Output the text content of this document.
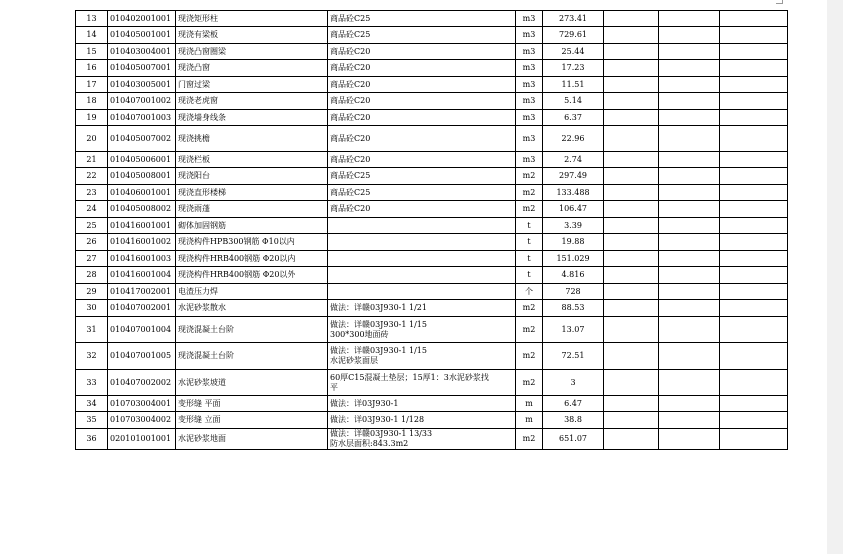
13	010402001001	现浇矩形柱	商品砼C25	m3	273.41			
14	010405001001	现浇有梁板	商品砼C25	m3	729.61			
15	010403004001	现浇凸窗圈梁	商品砼C20	m3	25.44			
16	010405007001	现浇凸窗	商品砼C20	m3	17.23			
17	010403005001	门窗过梁	商品砼C20	m3	11.51			
18	010407001002	现浇老虎窗	商品砼C20	m3	5.14			
19	010407001003	现浇墙身线条	商品砼C20	m3	6.37			
20	010405007002	现浇挑檐	商品砼C20	m3	22.96			
21	010405006001	现浇栏板	商品砼C20	m3	2.74			
22	010405008001	现浇阳台	商品砼C25	m2	297.49			
23	010406001001	现浇直形楼梯	商品砼C25	m2	133.488			
24	010405008002	现浇雨蓬	商品砼C20	m2	106.47			
25	010416001001	砌体加固钢筋		t	3.39			
26	010416001002	现浇构件HPB300钢筋 Φ10以内		t	19.88			
27	010416001003	现浇构件HRB400钢筋 Φ20以内		t	151.029			
28	010416001004	现浇构件HRB400钢筋 Φ20以外		t	4.816			
29	010417002001	电渣压力焊		个	728			
30	010407002001	水泥砂浆散水	做法：详赣03J930-1 1/21	m2	88.53			
31	010407001004	现浇混凝土台阶	做法：详赣03J930-1 1/15
300*300地面砖	m2	13.07			
32	010407001005	现浇混凝土台阶	做法：详赣03J930-1 1/15
水泥砂浆面层	m2	72.51			
33	010407002002	水泥砂浆坡道	60厚C15混凝土垫层；15厚1：3水泥砂浆找
平	m2	3			
34	010703004001	变形缝 平面	做法：详03J930-1	m	6.47			
35	010703004002	变形缝 立面	做法：详03J930-1 1/128	m	38.8			
36	020101001001	水泥砂浆地面	做法：详赣03J930-1 13/33
防水层面积:843.3m2	m2	651.07			
